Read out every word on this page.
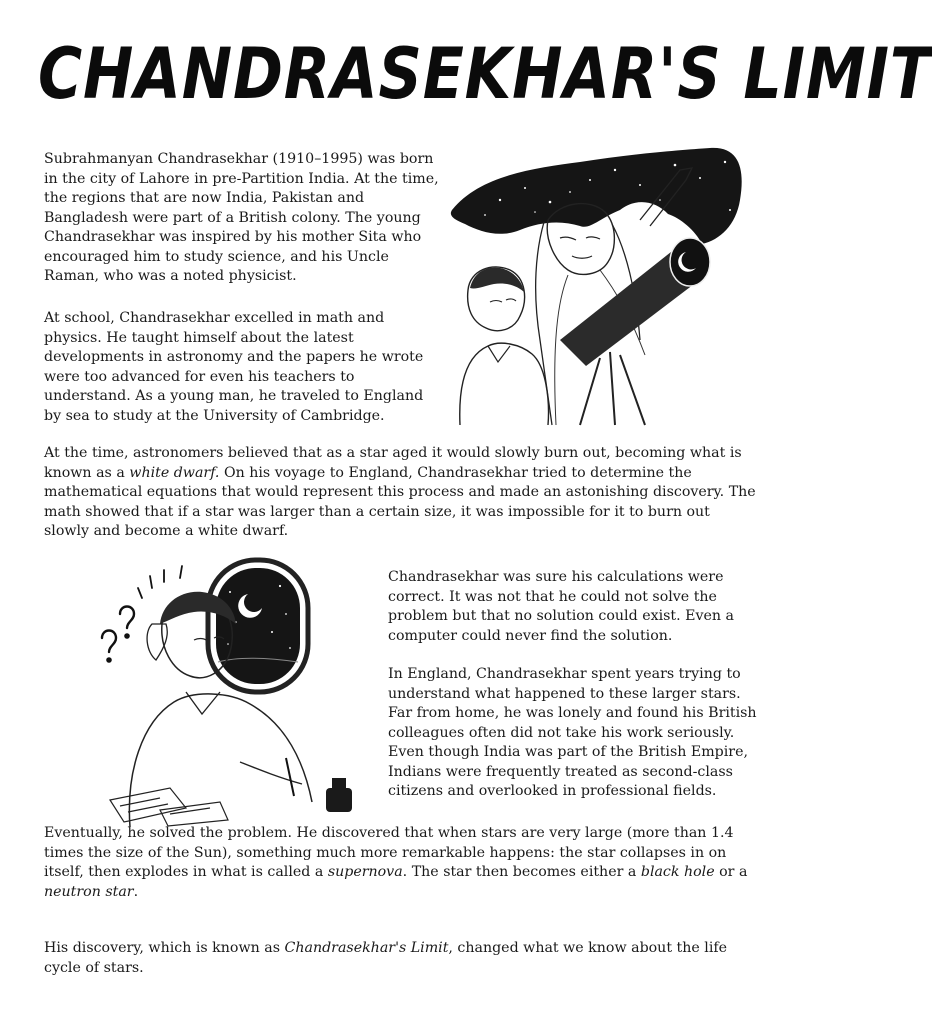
CHANDRASEKHAR'S LIMIT

Subrahmanyan Chandrasekhar (1910–1995) was born in the city of Lahore in pre-Partition India. At the time, the regions that are now India, Pakistan and Bangladesh were part of a British colony. The young Chandrasekhar was inspired by his mother Sita who encouraged him to study science, and his Uncle Raman, who was a noted physicist.

At school, Chandrasekhar excelled in math and physics. He taught himself about the latest developments in astronomy and the papers he wrote were too advanced for even his teachers to understand. As a young man, he traveled to England by sea to study at the University of Cambridge.

At the time, astronomers believed that as a star aged it would slowly burn out, becoming what is known as a white dwarf. On his voyage to England, Chandrasekhar tried to determine the mathematical equations that would represent this process and made an astonishing discovery. The math showed that if a star was larger than a certain size, it was impossible for it to burn out slowly and become a white dwarf.

Chandrasekhar was sure his calculations were correct. It was not that he could not solve the problem but that no solution could exist. Even a computer could never find the solution.

In England, Chandrasekhar spent years trying to understand what happened to these larger stars. Far from home, he was lonely and found his British colleagues often did not take his work seriously. Even though India was part of the British Empire, Indians were frequently treated as second-class citizens and overlooked in professional fields.

Eventually, he solved the problem. He discovered that when stars are very large (more than 1.4 times the size of the Sun), something much more remarkable happens: the star collapses in on itself, then explodes in what is called a supernova. The star then becomes either a black hole or a neutron star.

His discovery, which is known as Chandrasekhar's Limit, changed what we know about the life cycle of stars.
